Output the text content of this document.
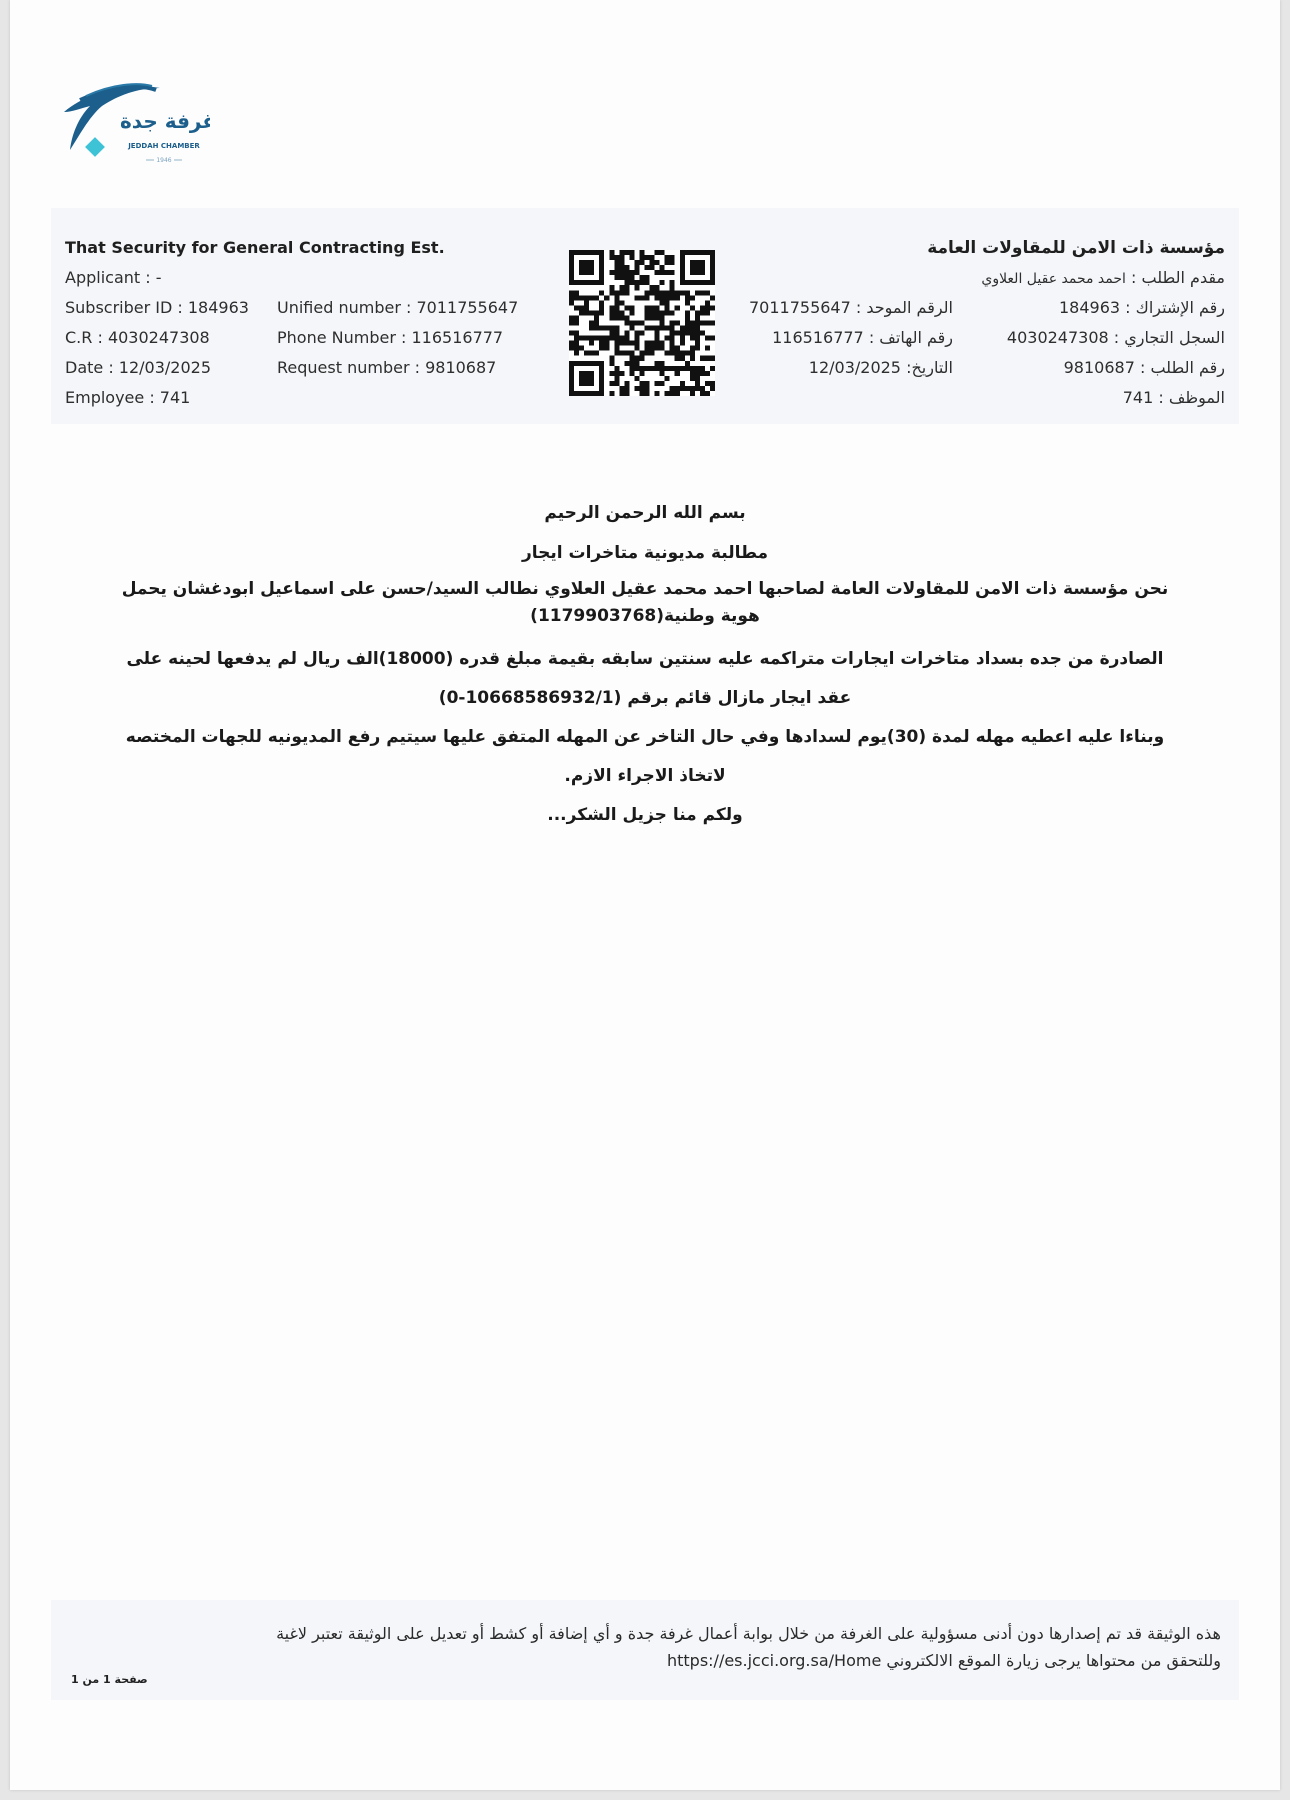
غرفة جدة
JEDDAH CHAMBER
1946
That Security for General Contracting Est.
Applicant : -
Subscriber ID : 184963
C.R : 4030247308
Date : 12/03/2025
Employee : 741
Unified number : 7011755647
Phone Number : 116516777
Request number : 9810687
مؤسسة ذات الامن للمقاولات العامة
مقدم الطلب : احمد محمد عقيل العلاوي
رقم الإشتراك : 184963
السجل التجاري : 4030247308
رقم الطلب : 9810687
الموظف : 741
الرقم الموحد : 7011755647
رقم الهاتف : 116516777
التاريخ: 12/03/2025

بسم الله الرحمن الرحيم

مطالبة مديونية متاخرات ايجار

نحن مؤسسة ذات الامن للمقاولات العامة لصاحبها احمد محمد عقيل العلاوي نطالب السيد/حسن على اسماعيل ابودغشان يحمل هوية وطنية(1179903768)

الصادرة من جده بسداد متاخرات ايجارات متراكمه عليه سنتين سابقه بقيمة مبلغ قدره (18000)الف ريال لم يدفعها لحينه على

عقد ايجار مازال قائم برقم (10668586932/1-0)

وبناءا عليه اعطيه مهله لمدة (30)يوم لسدادها وفي حال التاخر عن المهله المتفق عليها سيتيم رفع المديونيه للجهات المختصه

لاتخاذ الاجراء الازم.

ولكم منا جزيل الشكر...

هذه الوثيقة قد تم إصدارها دون أدنى مسؤولية على الغرفة من خلال بوابة أعمال غرفة جدة و أي إضافة أو كشط أو تعديل على الوثيقة تعتبر لاغية
وللتحقق من محتواها يرجى زيارة الموقع الالكتروني https://es.jcci.org.sa/Home
صفحة 1 من 1
